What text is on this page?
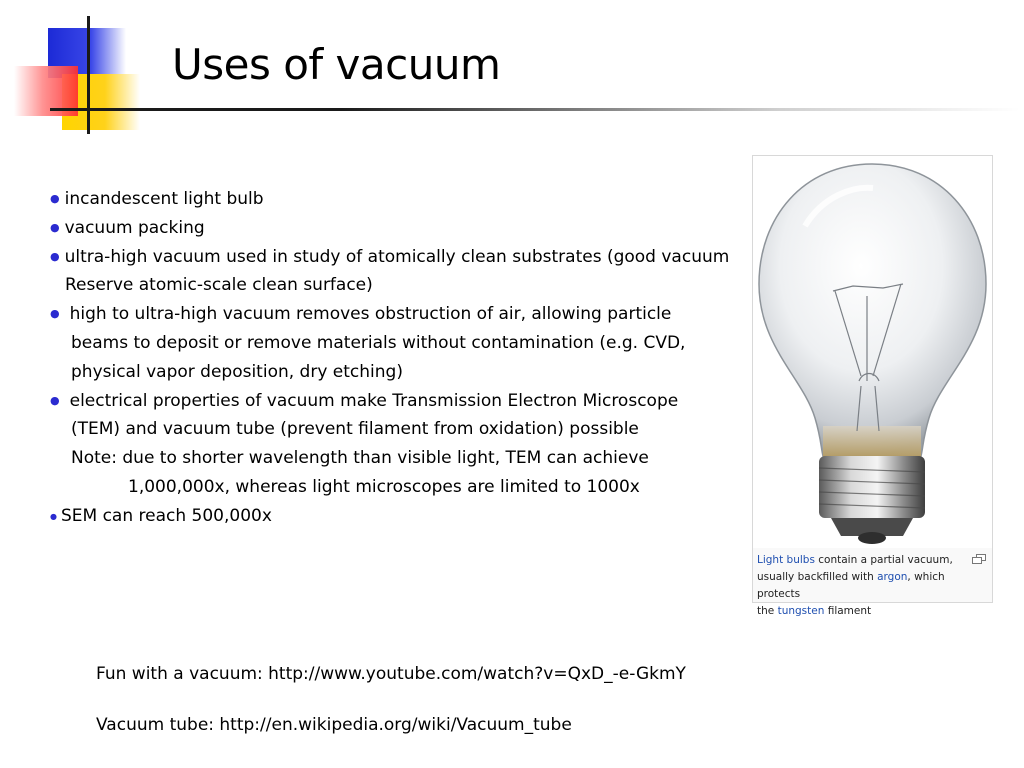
Uses of vacuum
● incandescent light bulb
● vacuum packing
● ultra-high vacuum used in study of atomically clean substrates (good vacuum
Reserve atomic-scale clean surface)
● high to ultra-high vacuum removes obstruction of air, allowing particle
beams to deposit or remove materials without contamination (e.g. CVD,
physical vapor deposition, dry etching)
● electrical properties of vacuum make Transmission Electron Microscope
(TEM) and vacuum tube (prevent filament from oxidation) possible
Note: due to shorter wavelength than visible light, TEM can achieve
1,000,000x, whereas light microscopes are limited to 1000x
● SEM can reach 500,000x
Light bulbs contain a partial vacuum,
usually backfilled with argon, which protects
the tungsten filament
Fun with a vacuum: http://www.youtube.com/watch?v=QxD_-e-GkmY
Vacuum tube: http://en.wikipedia.org/wiki/Vacuum_tube
